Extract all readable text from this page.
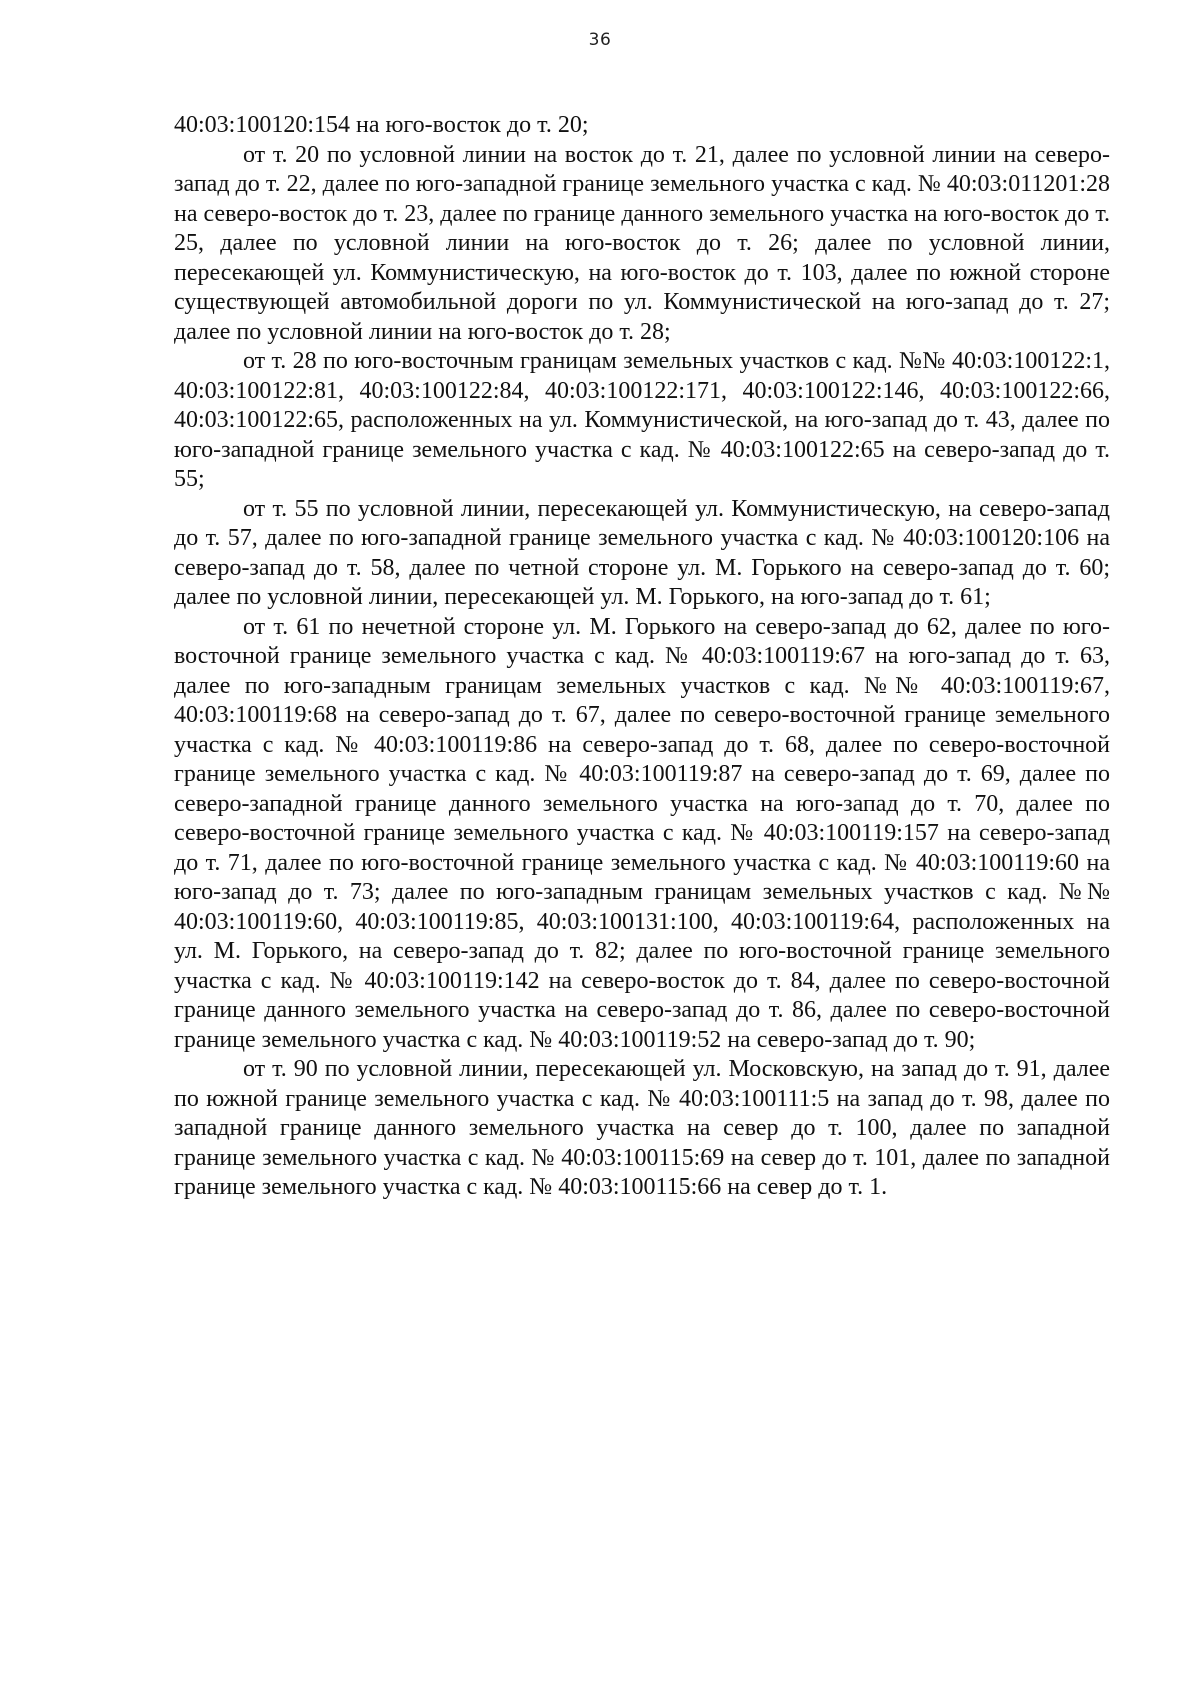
36

40:03:100120:154 на юго-восток до т. 20;

от т. 20 по условной линии на восток до т. 21, далее по условной линии на северо-запад до т. 22, далее по юго-западной границе земельного участка с кад. № 40:03:011201:28 на северо-восток до т. 23, далее по границе данного земельного участка на юго-восток до т. 25, далее по условной линии на юго-восток до т. 26; далее по условной линии, пересекающей ул. Коммунистическую, на юго-восток до т. 103, далее по южной стороне существующей автомобильной дороги по ул. Коммунистической на юго-запад до т. 27; далее по условной линии на юго-восток до т. 28;

от т. 28 по юго-восточным границам земельных участков с кад. №№ 40:03:100122:1, 40:03:100122:81, 40:03:100122:84, 40:03:100122:171, 40:03:100122:146, 40:03:100122:66, 40:03:100122:65, расположенных на ул. Коммунистической, на юго-запад до т. 43, далее по юго-западной границе земельного участка с кад. № 40:03:100122:65 на северо-запад до т. 55;

от т. 55 по условной линии, пересекающей ул. Коммунистическую, на северо-запад до т. 57, далее по юго-западной границе земельного участка с кад. № 40:03:100120:106 на северо-запад до т. 58, далее по четной стороне ул. М. Горького на северо-запад до т. 60; далее по условной линии, пересекающей ул. М. Горького, на юго-запад до т. 61;

от т. 61 по нечетной стороне ул. М. Горького на северо-запад до 62, далее по юго-восточной границе земельного участка с кад. № 40:03:100119:67 на юго-запад до т. 63, далее по юго-западным границам земельных участков с кад. №№ 40:03:100119:67, 40:03:100119:68 на северо-запад до т. 67, далее по северо-восточной границе земельного участка с кад. № 40:03:100119:86 на северо-запад до т. 68, далее по северо-восточной границе земельного участка с кад. № 40:03:100119:87 на северо-запад до т. 69, далее по северо-западной границе данного земельного участка на юго-запад до т. 70, далее по северо-восточной границе земельного участка с кад. № 40:03:100119:157 на северо-запад до т. 71, далее по юго-восточной границе земельного участка с кад. № 40:03:100119:60 на юго-запад до т. 73; далее по юго-западным границам земельных участков с кад. №№ 40:03:100119:60, 40:03:100119:85, 40:03:100131:100, 40:03:100119:64, расположенных на ул. М. Горького, на северо-запад до т. 82; далее по юго-восточной границе земельного участка с кад. № 40:03:100119:142 на северо-восток до т. 84, далее по северо-восточной границе данного земельного участка на северо-запад до т. 86, далее по северо-восточной границе земельного участка с кад. № 40:03:100119:52 на северо-запад до т. 90;

от т. 90 по условной линии, пересекающей ул. Московскую, на запад до т. 91, далее по южной границе земельного участка с кад. № 40:03:100111:5 на запад до т. 98, далее по западной границе данного земельного участка на север до т. 100, далее по западной границе земельного участка с кад. № 40:03:100115:69 на север до т. 101, далее по западной границе земельного участка с кад. № 40:03:100115:66 на север до т. 1.
